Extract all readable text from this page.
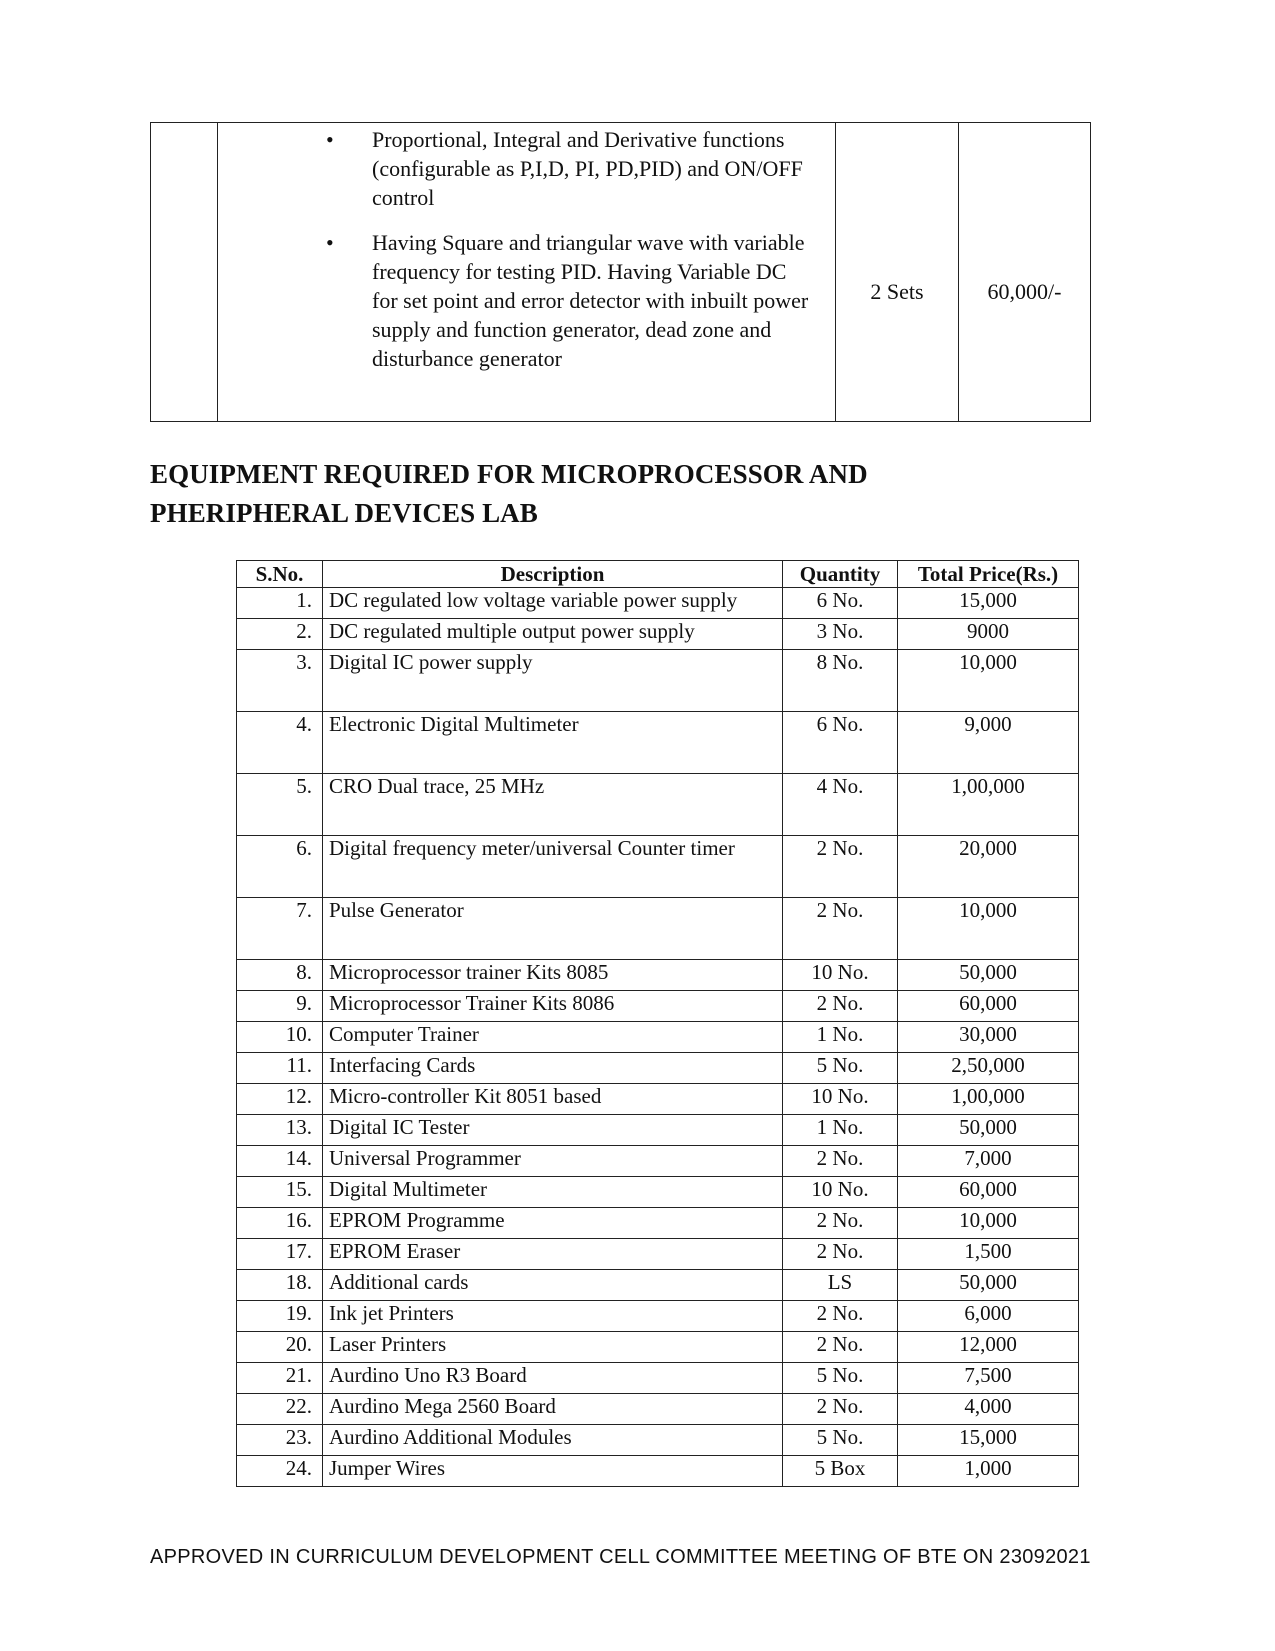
• Proportional, Integral and Derivative functions (configurable as P,I,D, PI, PD,PID) and ON/OFF control
• Having Square and triangular wave with variable frequency for testing PID. Having Variable DC for set point and error detector with inbuilt power supply and function generator, dead zone and disturbance generator
	2 Sets	60,000/-
EQUIPMENT REQUIRED FOR MICROPROCESSOR AND PHERIPHERAL DEVICES LAB
S.No.	Description	Quantity	Total Price(Rs.)
1.	DC regulated low voltage variable power supply	6 No.	15,000
2.	DC regulated multiple output power supply	3 No.	9000
3.	Digital IC power supply	8 No.	10,000
4.	Electronic Digital Multimeter	6 No.	9,000
5.	CRO Dual trace, 25 MHz	4 No.	1,00,000
6.	Digital frequency meter/universal Counter timer	2 No.	20,000
7.	Pulse Generator	2 No.	10,000
8.	Microprocessor trainer Kits 8085	10 No.	50,000
9.	Microprocessor Trainer Kits 8086	2 No.	60,000
10.	Computer Trainer	1 No.	30,000
11.	Interfacing Cards	5 No.	2,50,000
12.	Micro-controller Kit 8051 based	10 No.	1,00,000
13.	Digital IC Tester	1 No.	50,000
14.	Universal Programmer	2 No.	7,000
15.	Digital Multimeter	10 No.	60,000
16.	EPROM Programme	2 No.	10,000
17.	EPROM Eraser	2 No.	1,500
18.	Additional cards	LS	50,000
19.	Ink jet Printers	2 No.	6,000
20.	Laser Printers	2 No.	12,000
21.	Aurdino Uno R3 Board	5 No.	7,500
22.	Aurdino Mega 2560 Board	2 No.	4,000
23.	Aurdino Additional Modules	5 No.	15,000
24.	Jumper Wires	5 Box	1,000

APPROVED IN CURRICULUM DEVELOPMENT CELL COMMITTEE MEETING OF BTE ON 23092021
